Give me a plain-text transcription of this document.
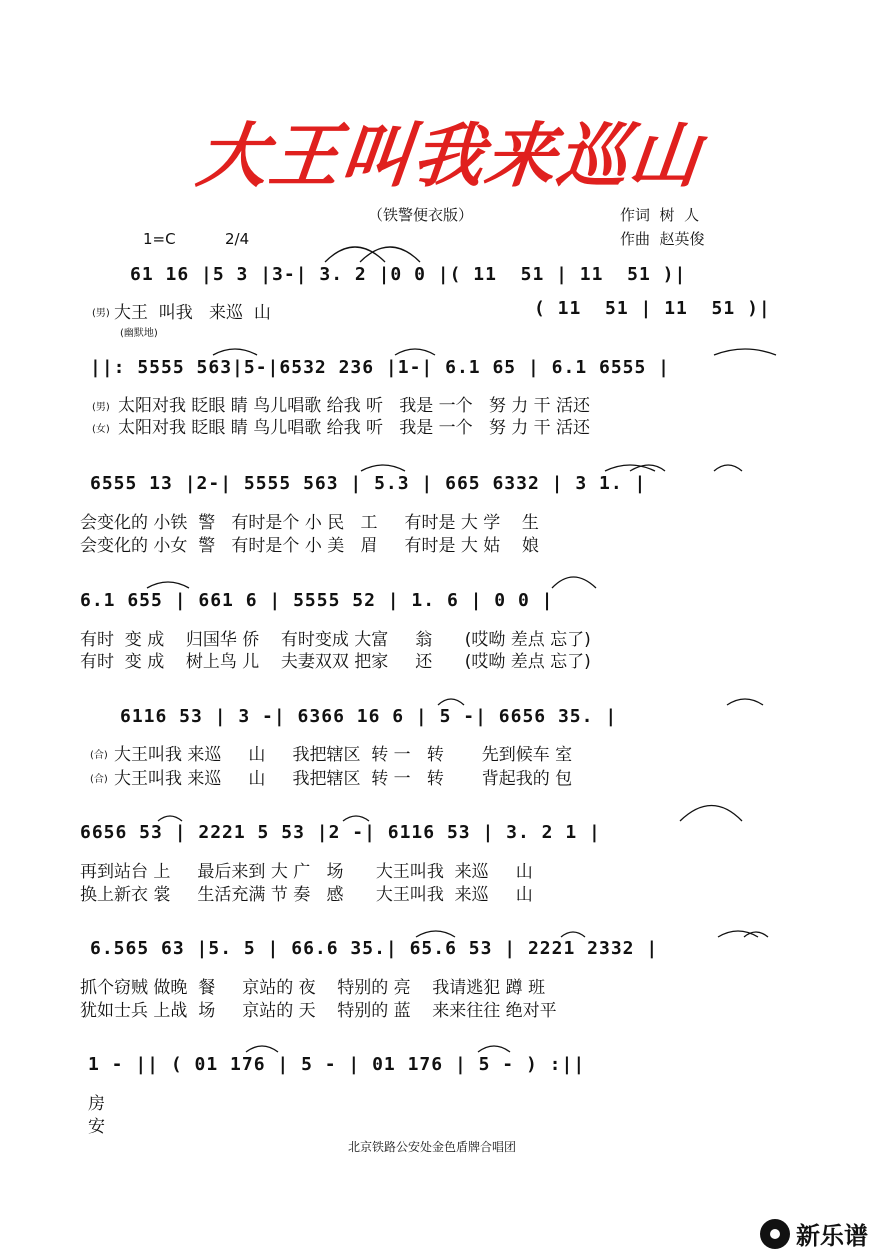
大王叫我来巡山
（铁警便衣版）	作词  树  人
作曲  赵英俊
1=C	2/4
61 16 |5 3 |3-| 3. 2 |0 0 |( 11  51 | 11  51 )|
(男) 大王  叫我   来巡  山	( 11  51 | 11  51 )|
(幽默地)
||: 5555 563|5-|6532 236 |1-| 6.1 65 | 6.1 6555 |
(男) 太阳对我 眨眼 睛 鸟儿唱歌 给我 听   我是 一个   努 力 干 活还
(女) 太阳对我 眨眼 睛 鸟儿唱歌 给我 听   我是 一个   努 力 干 活还
6555 13 |2-| 5555 563 | 5.3 | 665 6332 | 3 1. |
会变化的 小铁  警   有时是个 小 民   工     有时是 大 学    生
会变化的 小女  警   有时是个 小 美   眉     有时是 大 姑    娘
6.1 655 | 661 6 | 5555 52 | 1. 6 | 0 0 |
有时  变 成    归国华 侨    有时变成 大富     翁      (哎呦 差点 忘了)
有时  变 成    树上鸟 儿    夫妻双双 把家     还      (哎呦 差点 忘了)
6116 53 | 3 -| 6366 16 6 | 5 -| 6656 35. |
(合) 大王叫我 来巡     山     我把辖区  转 一   转       先到候车 室
(合) 大王叫我 来巡     山     我把辖区  转 一   转       背起我的 包
6656 53 | 2221 5 53 |2 -| 6116 53 | 3. 2 1 |
再到站台 上     最后来到 大 广   场      大王叫我  来巡     山
换上新衣 裳     生活充满 节 奏   感      大王叫我  来巡     山
6.565 63 |5. 5 | 66.6 35.| 65.6 53 | 2221 2332 |
抓个窃贼 做晚  餐     京站的 夜    特别的 亮    我请逃犯 蹲 班
犹如士兵 上战  场     京站的 天    特别的 蓝    来来往往 绝对平
1 - || ( 01 176 | 5 - | 01 176 | 5 - ) :||
房
安
北京铁路公安处金色盾牌合唱团
新乐谱
